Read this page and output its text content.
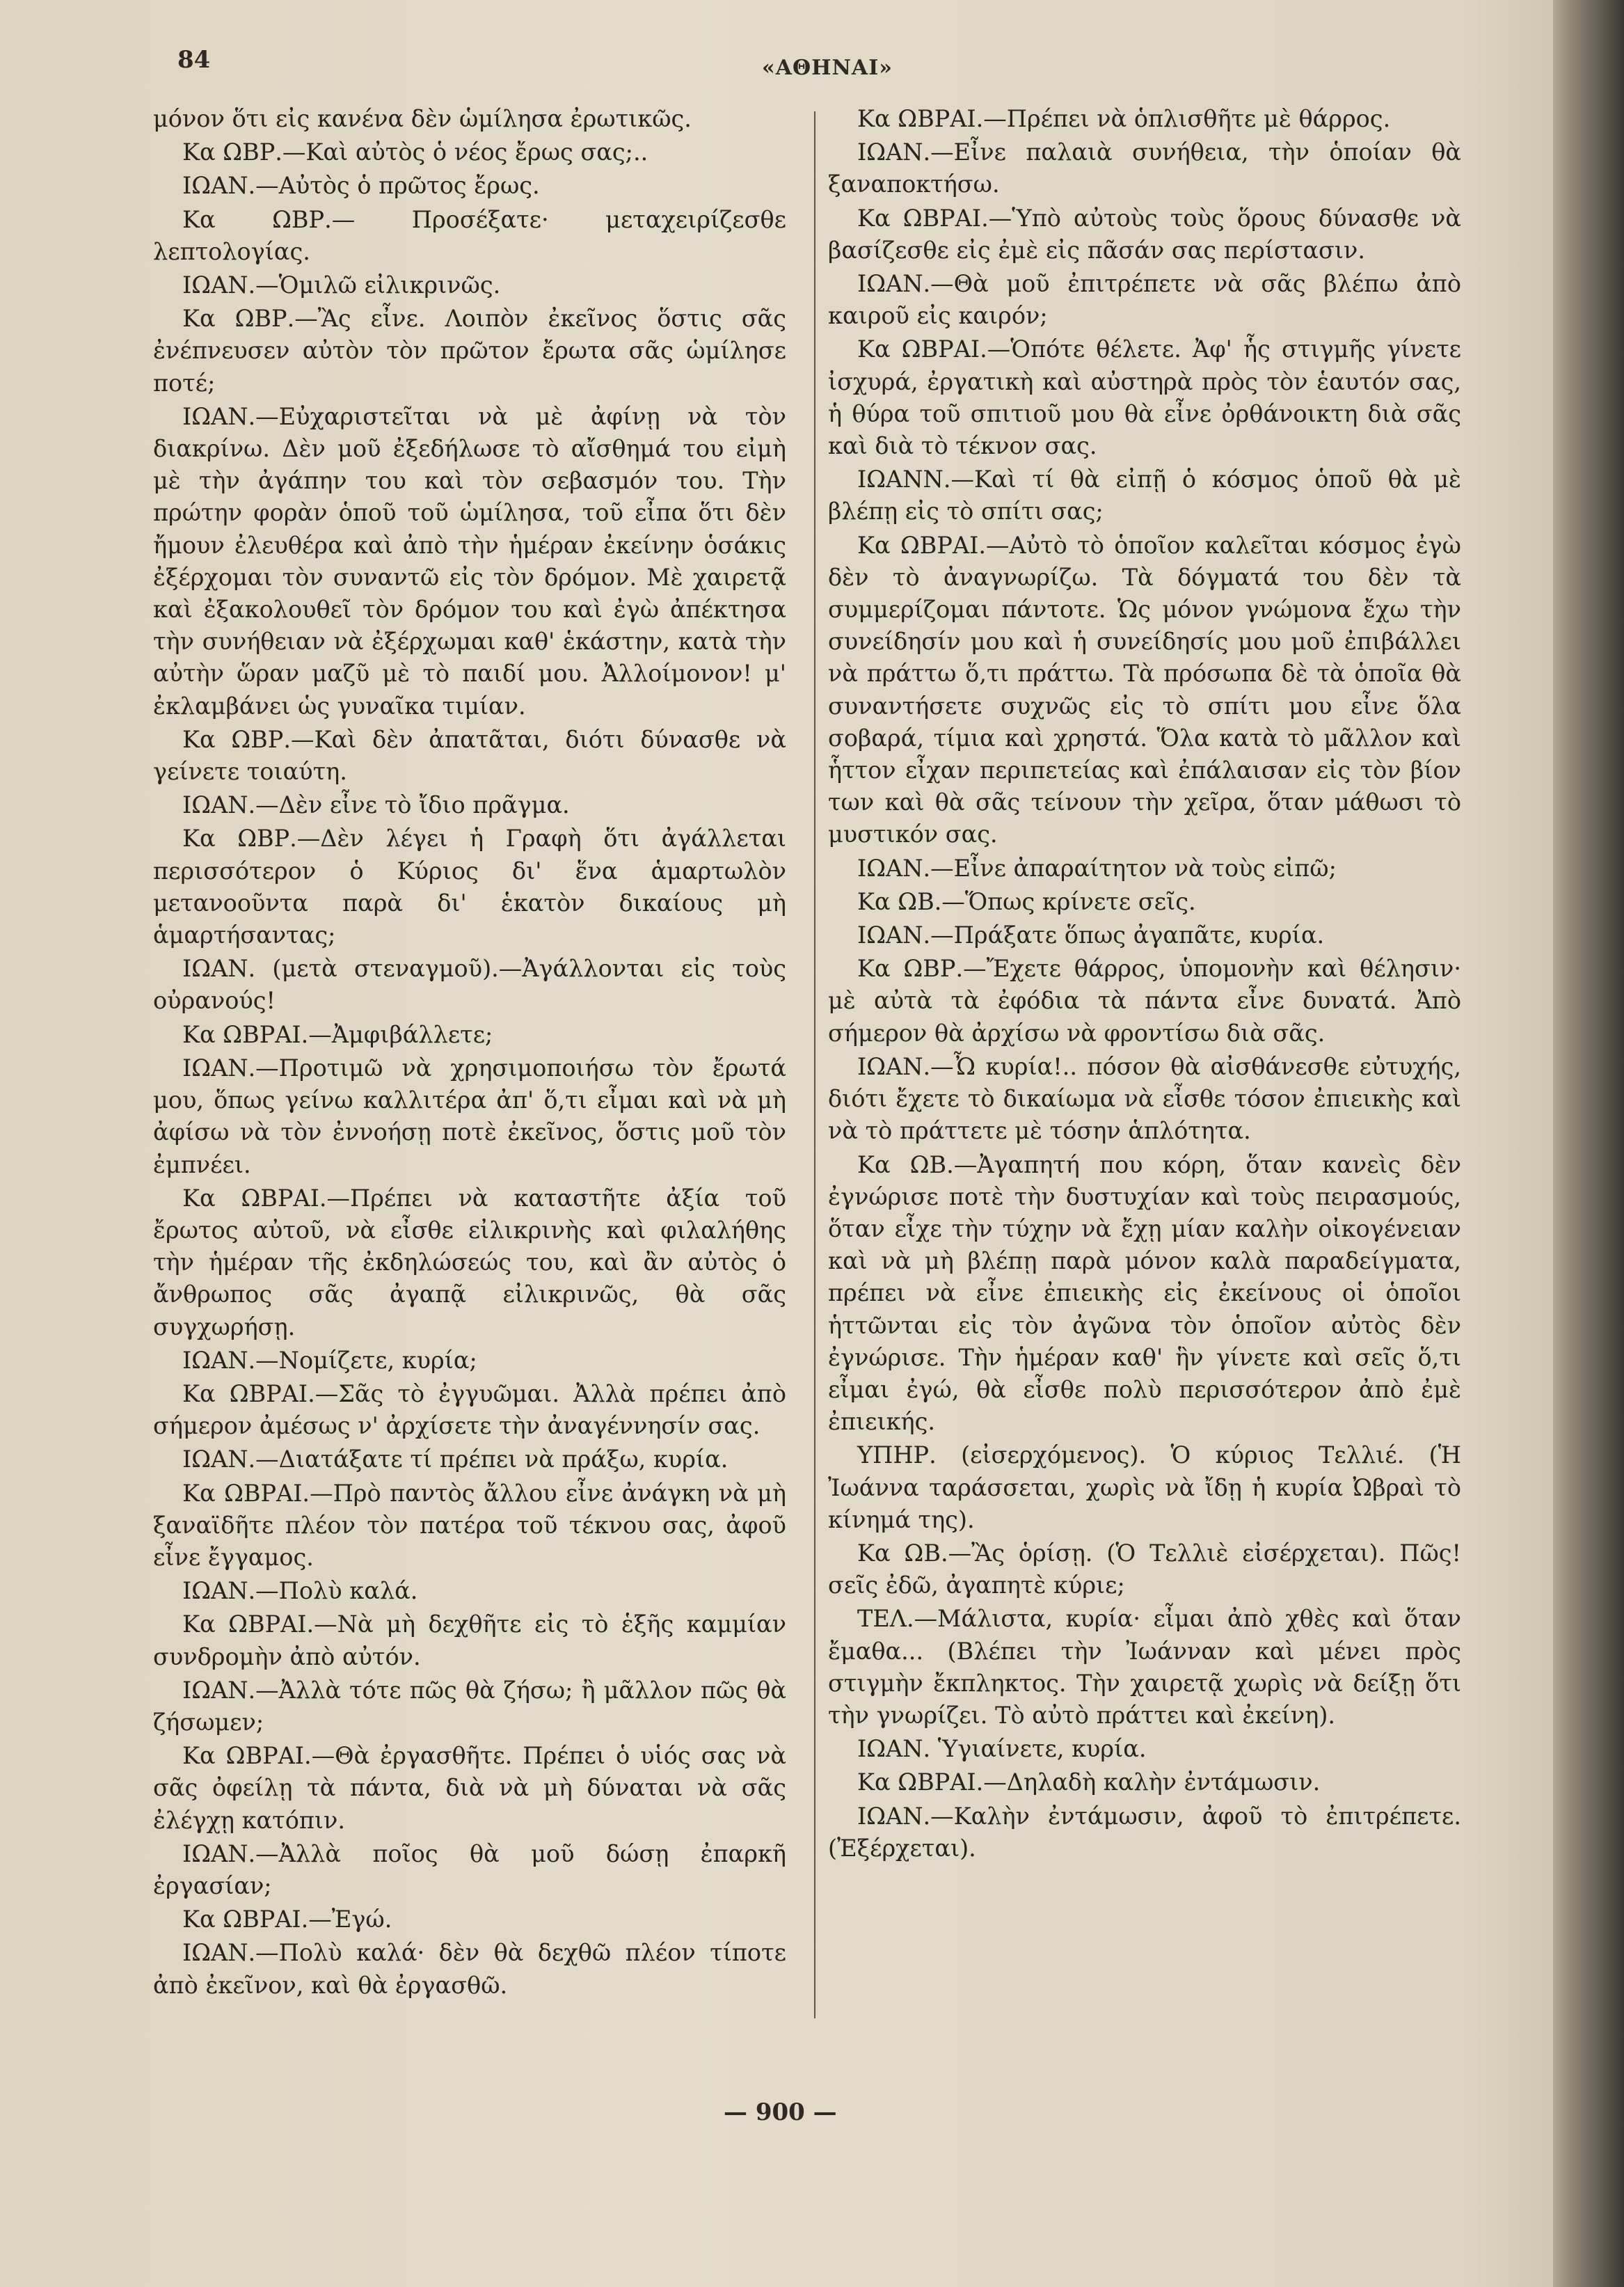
84	«ΑΘΗΝΑΙ»

μόνον ὅτι εἰς κανένα δὲν ὡμίλησα ἐρωτικῶς.

Κα ΩΒΡ.—Καὶ αὐτὸς ὁ νέος ἔρως σας;..

ΙΩΑΝ.—Αὐτὸς ὁ πρῶτος ἔρως.

Κα ΩΒΡ.— Προσέξατε· μεταχειρίζεσθε λεπτολογίας.

ΙΩΑΝ.—Ὁμιλῶ εἰλικρινῶς.

Κα ΩΒΡ.—Ἂς εἶνε. Λοιπὸν ἐκεῖνος ὅστις σᾶς ἐνέπνευσεν αὐτὸν τὸν πρῶτον ἔρωτα σᾶς ὡμίλησε ποτέ;

ΙΩΑΝ.—Εὐχαριστεῖται νὰ μὲ ἀφίνῃ νὰ τὸν διακρίνω. Δὲν μοῦ ἐξεδήλωσε τὸ αἴσθημά του εἰμὴ μὲ τὴν ἀγάπην του καὶ τὸν σεβασμόν του. Τὴν πρώτην φορὰν ὁποῦ τοῦ ὡμίλησα, τοῦ εἶπα ὅτι δὲν ἤμουν ἐλευθέρα καὶ ἀπὸ τὴν ἡμέραν ἐκείνην ὁσάκις ἐξέρχομαι τὸν συναντῶ εἰς τὸν δρόμον. Μὲ χαιρετᾷ καὶ ἐξακολουθεῖ τὸν δρόμον του καὶ ἐγὼ ἀπέκτησα τὴν συνήθειαν νὰ ἐξέρχωμαι καθ' ἑκάστην, κατὰ τὴν αὐτὴν ὥραν μαζῦ μὲ τὸ παιδί μου. Ἀλλοίμονον! μ' ἐκλαμβάνει ὡς γυναῖκα τιμίαν.

Κα ΩΒΡ.—Καὶ δὲν ἀπατᾶται, διότι δύνασθε νὰ γείνετε τοιαύτη.

ΙΩΑΝ.—Δὲν εἶνε τὸ ἴδιο πρᾶγμα.

Κα ΩΒΡ.—Δὲν λέγει ἡ Γραφὴ ὅτι ἀγάλλεται περισσότερον ὁ Κύριος δι' ἕνα ἁμαρτωλὸν μετανοοῦντα παρὰ δι' ἑκατὸν δικαίους μὴ ἁμαρτήσαντας;

ΙΩΑΝ. (μετὰ στεναγμοῦ).—Ἀγάλλονται εἰς τοὺς οὐρανούς!

Κα ΩΒΡΑΙ.—Ἀμφιβάλλετε;

ΙΩΑΝ.—Προτιμῶ νὰ χρησιμοποιήσω τὸν ἔρωτά μου, ὅπως γείνω καλλιτέρα ἀπ' ὅ,τι εἶμαι καὶ νὰ μὴ ἀφίσω νὰ τὸν ἐννοήσῃ ποτὲ ἐκεῖνος, ὅστις μοῦ τὸν ἐμπνέει.

Κα ΩΒΡΑΙ.—Πρέπει νὰ καταστῆτε ἀξία τοῦ ἔρωτος αὐτοῦ, νὰ εἶσθε εἰλικρινὴς καὶ φιλαλήθης τὴν ἡμέραν τῆς ἐκδηλώσεώς του, καὶ ἂν αὐτὸς ὁ ἄνθρωπος σᾶς ἀγαπᾷ εἰλικρινῶς, θὰ σᾶς συγχωρήσῃ.

ΙΩΑΝ.—Νομίζετε, κυρία;

Κα ΩΒΡΑΙ.—Σᾶς τὸ ἐγγυῶμαι. Ἀλλὰ πρέπει ἀπὸ σήμερον ἀμέσως ν' ἀρχίσετε τὴν ἀναγέννησίν σας.

ΙΩΑΝ.—Διατάξατε τί πρέπει νὰ πράξω, κυρία.

Κα ΩΒΡΑΙ.—Πρὸ παντὸς ἄλλου εἶνε ἀνάγκη νὰ μὴ ξαναϊδῆτε πλέον τὸν πατέρα τοῦ τέκνου σας, ἀφοῦ εἶνε ἔγγαμος.

ΙΩΑΝ.—Πολὺ καλά.

Κα ΩΒΡΑΙ.—Νὰ μὴ δεχθῆτε εἰς τὸ ἑξῆς καμμίαν συνδρομὴν ἀπὸ αὐτόν.

ΙΩΑΝ.—Ἀλλὰ τότε πῶς θὰ ζήσω; ἢ μᾶλλον πῶς θὰ ζήσωμεν;

Κα ΩΒΡΑΙ.—Θὰ ἐργασθῆτε. Πρέπει ὁ υἱός σας νὰ σᾶς ὀφείλῃ τὰ πάντα, διὰ νὰ μὴ δύναται νὰ σᾶς ἐλέγχῃ κατόπιν.

ΙΩΑΝ.—Ἀλλὰ ποῖος θὰ μοῦ δώσῃ ἐπαρκῆ ἐργασίαν;

Κα ΩΒΡΑΙ.—Ἐγώ.

ΙΩΑΝ.—Πολὺ καλά· δὲν θὰ δεχθῶ πλέον τίποτε ἀπὸ ἐκεῖνον, καὶ θὰ ἐργασθῶ.

Κα ΩΒΡΑΙ.—Πρέπει νὰ ὁπλισθῆτε μὲ θάρρος.

ΙΩΑΝ.—Εἶνε παλαιὰ συνήθεια, τὴν ὁποίαν θὰ ξαναποκτήσω.

Κα ΩΒΡΑΙ.—Ὑπὸ αὐτοὺς τοὺς ὅρους δύνασθε νὰ βασίζεσθε εἰς ἐμὲ εἰς πᾶσάν σας περίστασιν.

ΙΩΑΝ.—Θὰ μοῦ ἐπιτρέπετε νὰ σᾶς βλέπω ἀπὸ καιροῦ εἰς καιρόν;

Κα ΩΒΡΑΙ.—Ὁπότε θέλετε. Ἀφ' ἧς στιγμῆς γίνετε ἰσχυρά, ἐργατικὴ καὶ αὐστηρὰ πρὸς τὸν ἑαυτόν σας, ἡ θύρα τοῦ σπιτιοῦ μου θὰ εἶνε ὀρθάνοικτη διὰ σᾶς καὶ διὰ τὸ τέκνον σας.

ΙΩΑΝΝ.—Καὶ τί θὰ εἰπῇ ὁ κόσμος ὁποῦ θὰ μὲ βλέπῃ εἰς τὸ σπίτι σας;

Κα ΩΒΡΑΙ.—Αὐτὸ τὸ ὁποῖον καλεῖται κόσμος ἐγὼ δὲν τὸ ἀναγνωρίζω. Τὰ δόγματά του δὲν τὰ συμμερίζομαι πάντοτε. Ὡς μόνον γνώμονα ἔχω τὴν συνείδησίν μου καὶ ἡ συνείδησίς μου μοῦ ἐπιβάλλει νὰ πράττω ὅ,τι πράττω. Τὰ πρόσωπα δὲ τὰ ὁποῖα θὰ συναντήσετε συχνῶς εἰς τὸ σπίτι μου εἶνε ὅλα σοβαρά, τίμια καὶ χρηστά. Ὅλα κατὰ τὸ μᾶλλον καὶ ἧττον εἶχαν περιπετείας καὶ ἐπάλαισαν εἰς τὸν βίον των καὶ θὰ σᾶς τείνουν τὴν χεῖρα, ὅταν μάθωσι τὸ μυστικόν σας.

ΙΩΑΝ.—Εἶνε ἀπαραίτητον νὰ τοὺς εἰπῶ;

Κα ΩΒ.—Ὅπως κρίνετε σεῖς.

ΙΩΑΝ.—Πράξατε ὅπως ἀγαπᾶτε, κυρία.

Κα ΩΒΡ.—Ἔχετε θάρρος, ὑπομονὴν καὶ θέλησιν· μὲ αὐτὰ τὰ ἐφόδια τὰ πάντα εἶνε δυνατά. Ἀπὸ σήμερον θὰ ἀρχίσω νὰ φροντίσω διὰ σᾶς.

ΙΩΑΝ.—Ὦ κυρία!.. πόσον θὰ αἰσθάνεσθε εὐτυχής, διότι ἔχετε τὸ δικαίωμα νὰ εἶσθε τόσον ἐπιεικὴς καὶ νὰ τὸ πράττετε μὲ τόσην ἁπλότητα.

Κα ΩΒ.—Ἀγαπητή που κόρη, ὅταν κανεὶς δὲν ἐγνώρισε ποτὲ τὴν δυστυχίαν καὶ τοὺς πειρασμούς, ὅταν εἶχε τὴν τύχην νὰ ἔχῃ μίαν καλὴν οἰκογένειαν καὶ νὰ μὴ βλέπῃ παρὰ μόνον καλὰ παραδείγματα, πρέπει νὰ εἶνε ἐπιεικὴς εἰς ἐκείνους οἱ ὁποῖοι ἡττῶνται εἰς τὸν ἀγῶνα τὸν ὁποῖον αὐτὸς δὲν ἐγνώρισε. Τὴν ἡμέραν καθ' ἣν γίνετε καὶ σεῖς ὅ,τι εἶμαι ἐγώ, θὰ εἶσθε πολὺ περισσότερον ἀπὸ ἐμὲ ἐπιεικής.

ΥΠΗΡ. (εἰσερχόμενος). Ὁ κύριος Τελλιέ. (Ἡ Ἰωάννα ταράσσεται, χωρὶς νὰ ἴδῃ ἡ κυρία Ὠβραὶ τὸ κίνημά της).

Κα ΩΒ.—Ἂς ὁρίσῃ. (Ὁ Τελλιὲ εἰσέρχεται). Πῶς! σεῖς ἐδῶ, ἀγαπητὲ κύριε;

ΤΕΛ.—Μάλιστα, κυρία· εἶμαι ἀπὸ χθὲς καὶ ὅταν ἔμαθα... (Βλέπει τὴν Ἰωάνναν καὶ μένει πρὸς στιγμὴν ἔκπληκτος. Τὴν χαιρετᾷ χωρὶς νὰ δείξῃ ὅτι τὴν γνωρίζει. Τὸ αὐτὸ πράττει καὶ ἐκείνη).

ΙΩΑΝ. Ὑγιαίνετε, κυρία.

Κα ΩΒΡΑΙ.—Δηλαδὴ καλὴν ἐντάμωσιν.

ΙΩΑΝ.—Καλὴν ἐντάμωσιν, ἀφοῦ τὸ ἐπιτρέπετε. (Ἐξέρχεται).

— 900 —
